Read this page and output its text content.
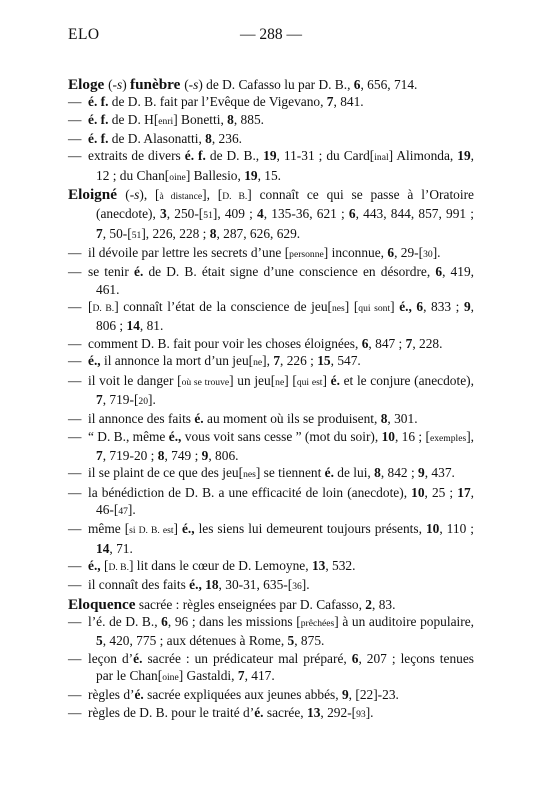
ELO	— 288 —
Eloge (-s) funèbre (-s) de D. Cafasso lu par D. B., 6, 656, 714.
— é. f. de D. B. fait par l’Evêque de Vigevano, 7, 841.
— é. f. de D. H[enri] Bonetti, 8, 885.
— é. f. de D. Alasonatti, 8, 236.
— extraits de divers é. f. de D. B., 19, 11-31 ; du Card[inal] Alimonda, 19, 12 ; du Chan[oine] Ballesio, 19, 15.
Eloigné (-s), [à distance], [D. B.] connaît ce qui se passe à l’Oratoire (anecdote), 3, 250-[51], 409 ; 4, 135-36, 621 ; 6, 443, 844, 857, 991 ; 7, 50-[51], 226, 228 ; 8, 287, 626, 629.
— il dévoile par lettre les secrets d’une [personne] inconnue, 6, 29-[30].
— se tenir é. de D. B. était signe d’une conscience en désordre, 6, 419, 461.
— [D. B.] connaît l’état de la conscience de jeu[nes] [qui sont] é., 6, 833 ; 9, 806 ; 14, 81.
— comment D. B. fait pour voir les choses éloignées, 6, 847 ; 7, 228.
— é., il annonce la mort d’un jeu[ne], 7, 226 ; 15, 547.
— il voit le danger [où se trouve] un jeu[ne] [qui est] é. et le conjure (anecdote), 7, 719-[20].
— il annonce des faits é. au moment où ils se produisent, 8, 301.
— “ D. B., même é., vous voit sans cesse ” (mot du soir), 10, 16 ; [exemples], 7, 719-20 ; 8, 749 ; 9, 806.
— il se plaint de ce que des jeu[nes] se tiennent é. de lui, 8, 842 ; 9, 437.
— la bénédiction de D. B. a une efficacité de loin (anecdote), 10, 25 ; 17, 46-[47].
— même [si D. B. est] é., les siens lui demeurent toujours présents, 10, 110 ; 14, 71.
— é., [D. B.] lit dans le cœur de D. Lemoyne, 13, 532.
— il connaît des faits é., 18, 30-31, 635-[36].
Eloquence sacrée : règles enseignées par D. Cafasso, 2, 83.
— l’é. de D. B., 6, 96 ; dans les missions [prêchées] à un auditoire populaire, 5, 420, 775 ; aux détenues à Rome, 5, 875.
— leçon d’é. sacrée : un prédicateur mal préparé, 6, 207 ; leçons tenues par le Chan[oine] Gastaldi, 7, 417.
— règles d’é. sacrée expliquées aux jeunes abbés, 9, [22]-23.
— règles de D. B. pour le traité d’é. sacrée, 13, 292-[93].
